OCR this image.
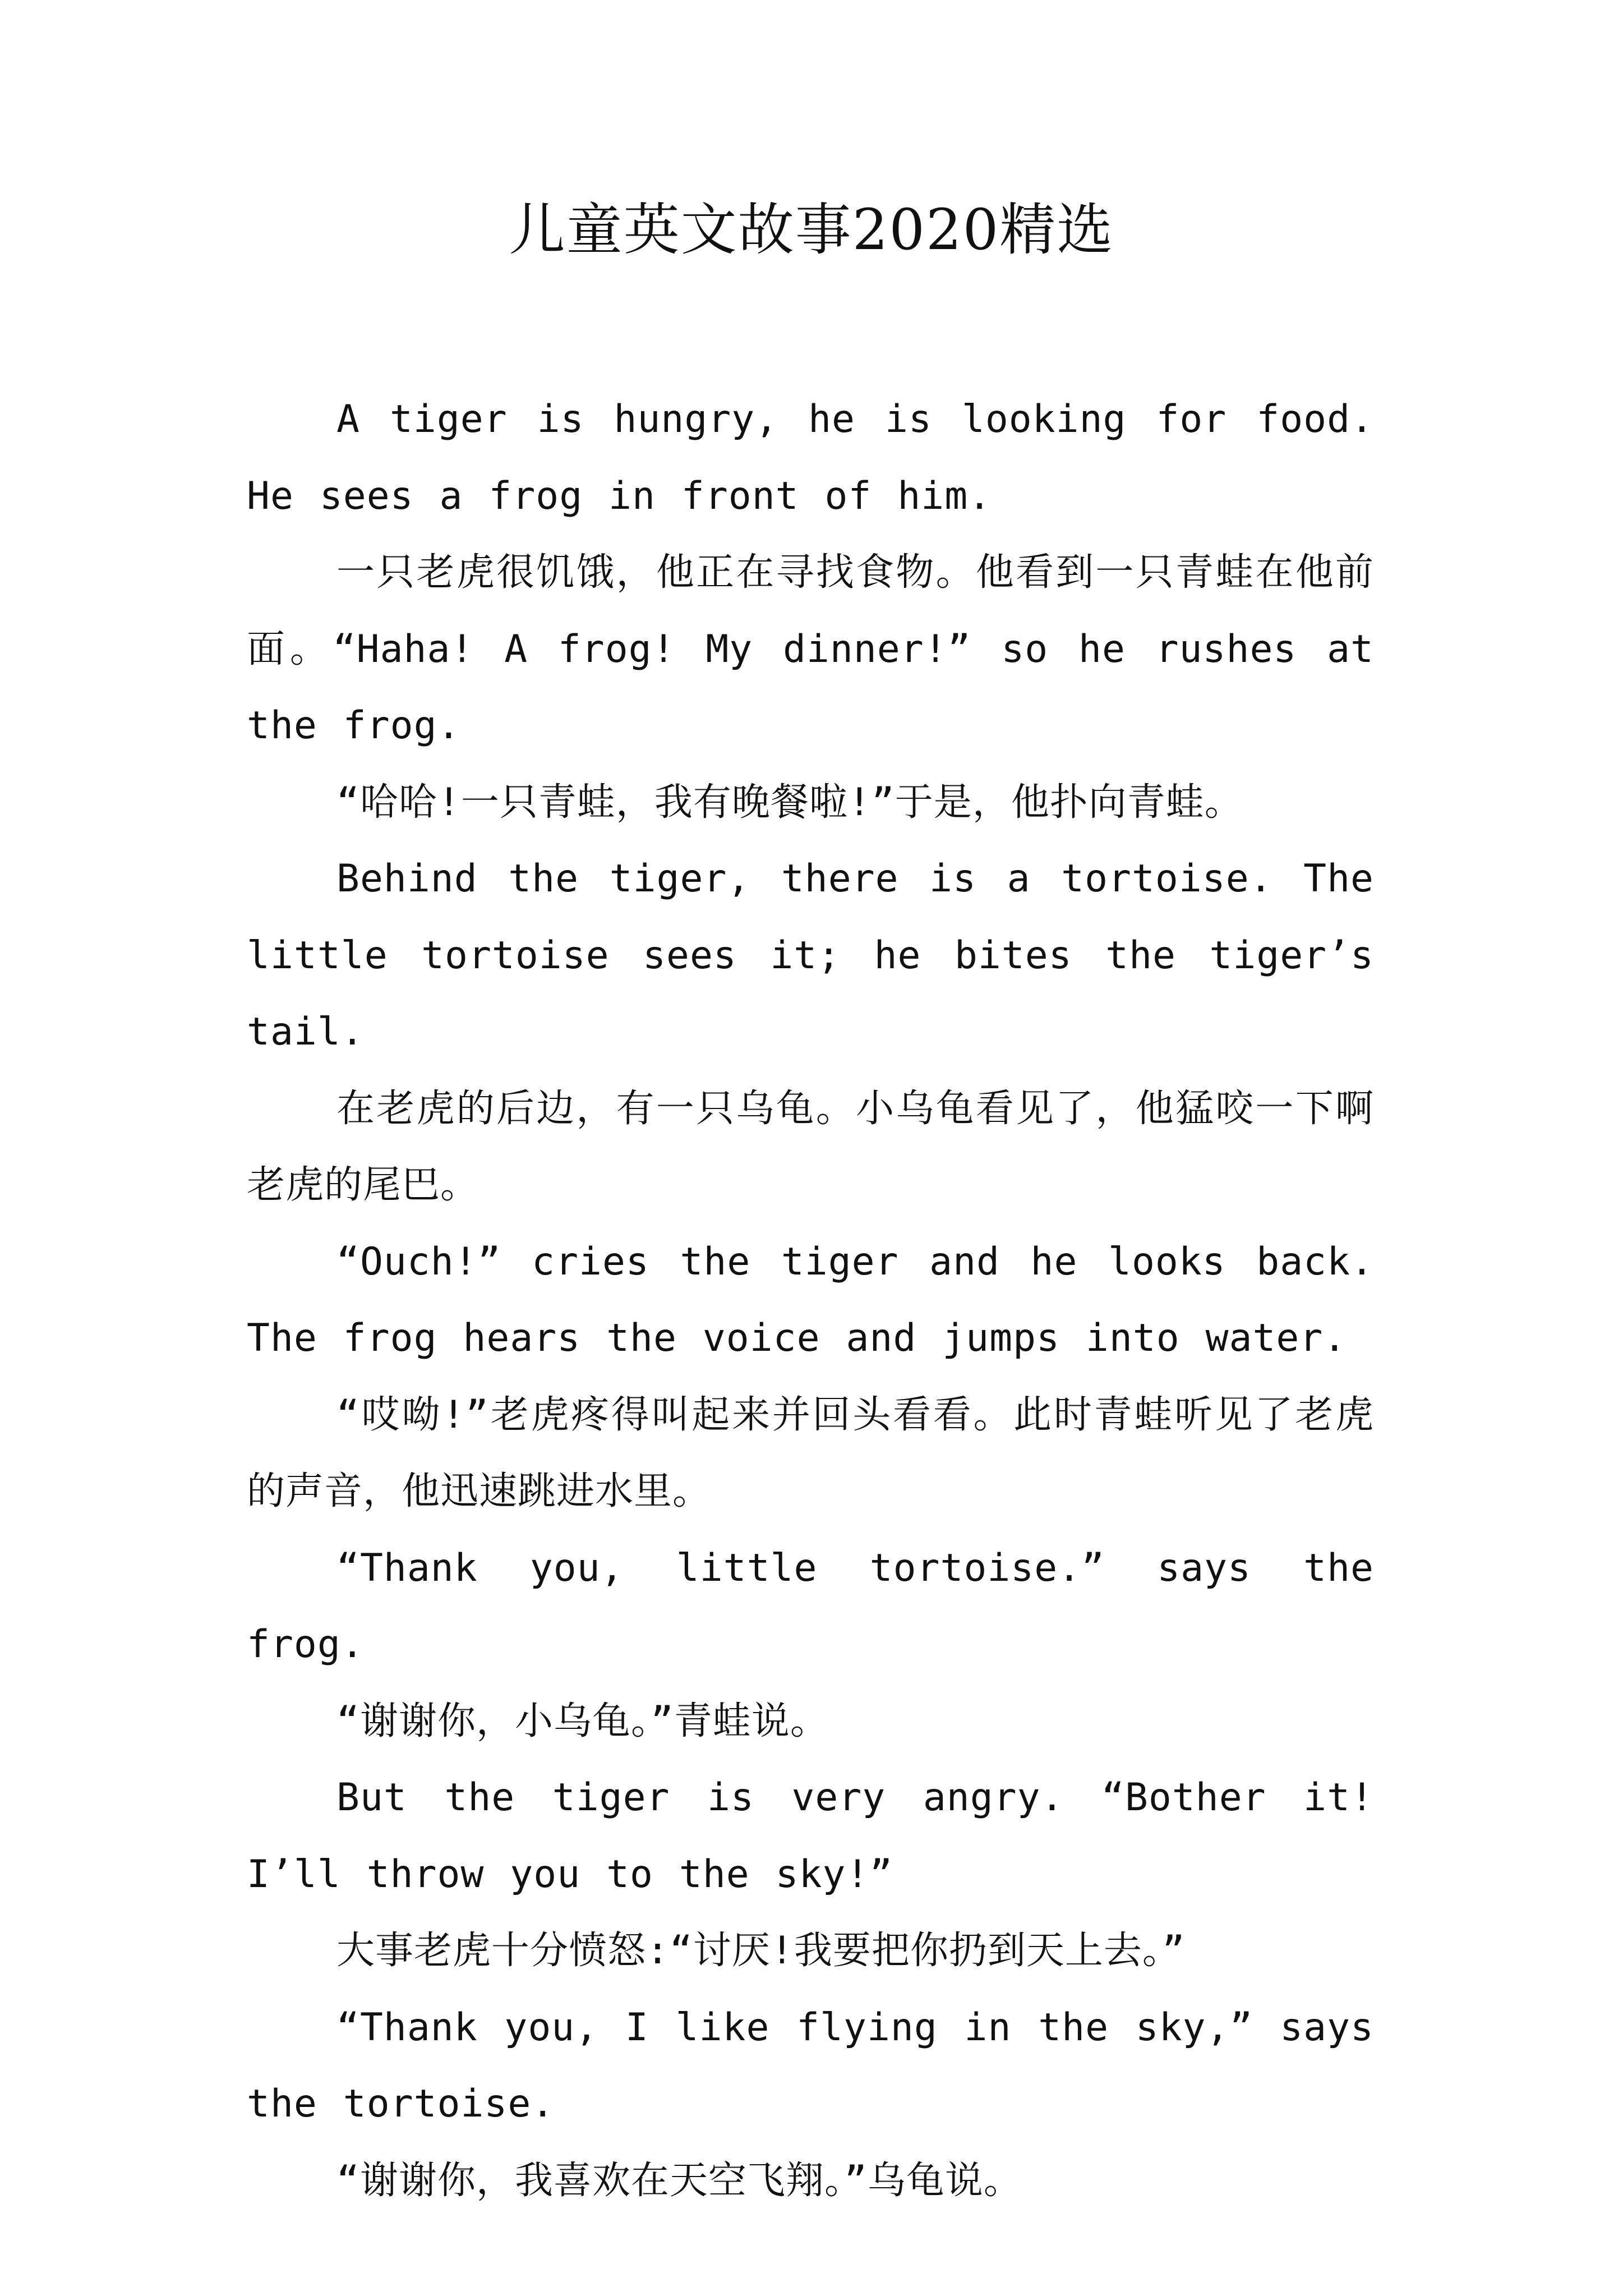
儿童英文故事2020精选

A tiger is hungry, he is looking for food. He sees a frog in front of him.

一只老虎很饥饿，他正在寻找食物。他看到一只青蛙在他前面。“Haha! A frog! My dinner!” so he rushes at the frog.

“哈哈!一只青蛙，我有晚餐啦!”于是，他扑向青蛙。

Behind the tiger, there is a tortoise. The little tortoise sees it; he bites the tiger’s tail.

在老虎的后边，有一只乌龟。小乌龟看见了，他猛咬一下啊老虎的尾巴。

“Ouch!” cries the tiger and he looks back. The frog hears the voice and jumps into water.

“哎呦!”老虎疼得叫起来并回头看看。此时青蛙听见了老虎的声音，他迅速跳进水里。

“Thank you, little tortoise.” says the frog.

“谢谢你，小乌龟。”青蛙说。

But the tiger is very angry. “Bother it! I’ll throw you to the sky!”

大事老虎十分愤怒:“讨厌!我要把你扔到天上去。”

“Thank you, I like flying in the sky,” says the tortoise.

“谢谢你，我喜欢在天空飞翔。”乌龟说。
